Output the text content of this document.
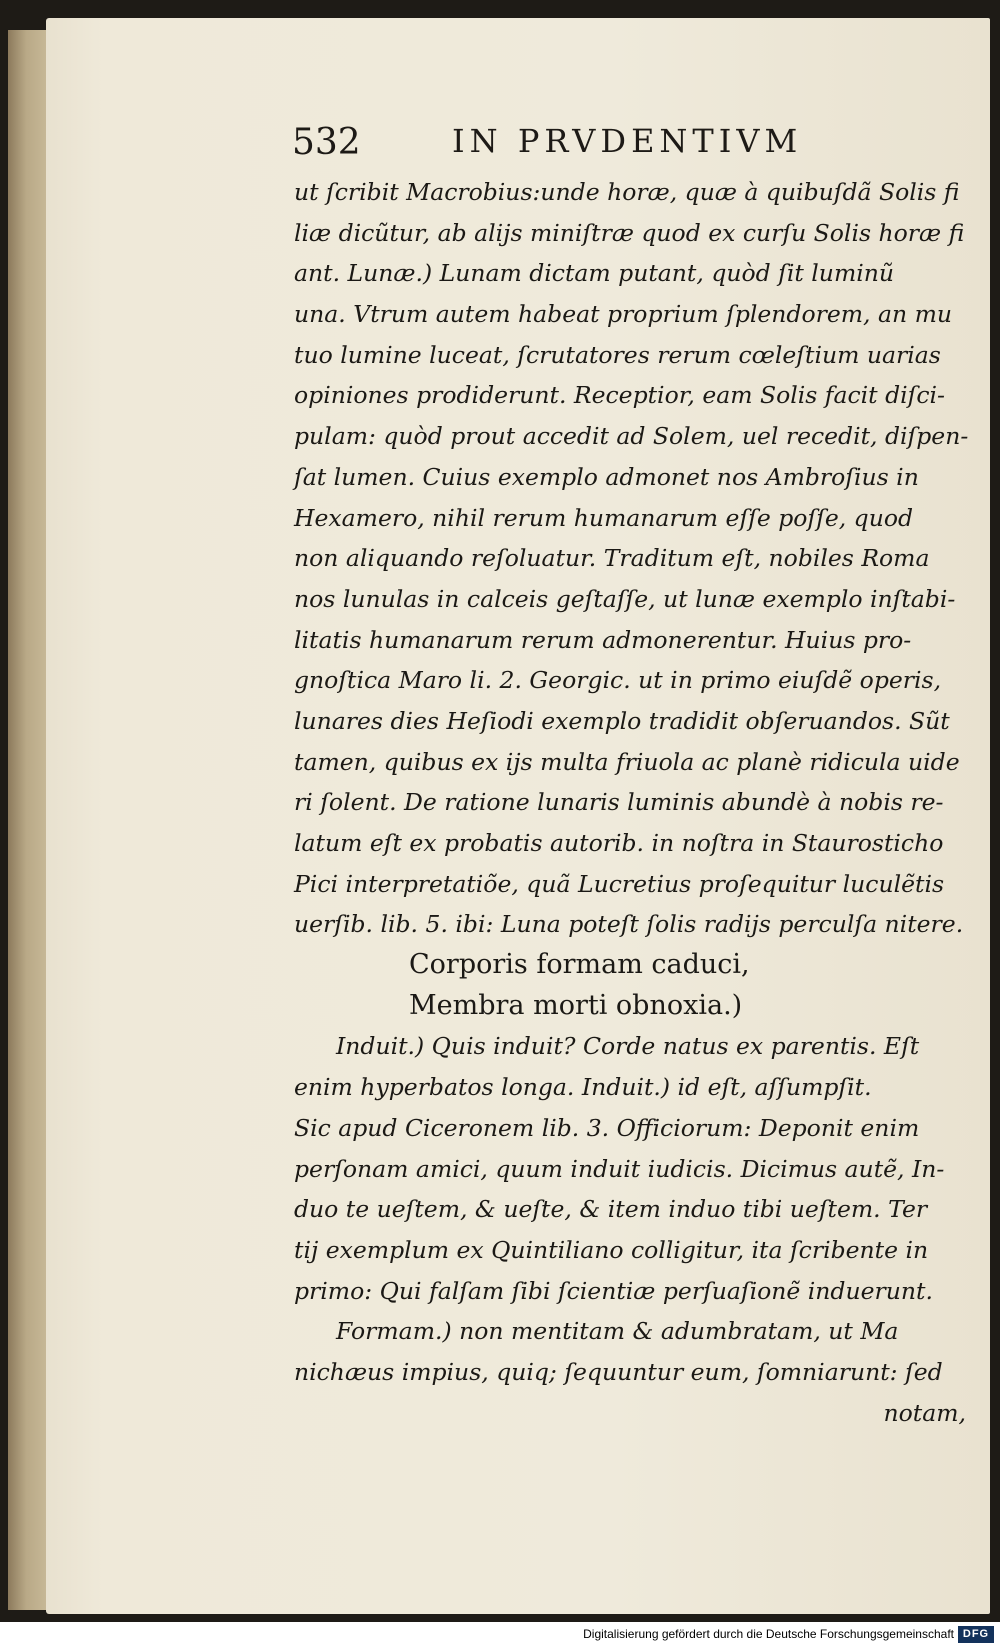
532	IN PRVDENTIVM
ut ſcribit Macrobius:unde horæ, quæ à quibuſdã Solis fi
liæ dicũtur, ab alijs miniſtræ quod ex curſu Solis horæ fi
ant. Lunæ.) Lunam dictam putant, quòd ſit luminũ
una. Vtrum autem habeat proprium ſplendorem, an mu
tuo lumine luceat, ſcrutatores rerum cœleſtium uarias
opiniones prodiderunt. Receptior, eam Solis facit diſci-
pulam: quòd prout accedit ad Solem, uel recedit, diſpen-
ſat lumen. Cuius exemplo admonet nos Ambroſius in
Hexamero, nihil rerum humanarum eſſe poſſe, quod
non aliquando reſoluatur. Traditum eſt, nobiles Roma
nos lunulas in calceis geſtaſſe, ut lunæ exemplo inſtabi-
litatis humanarum rerum admonerentur. Huius pro-
gnoſtica Maro li. 2. Georgic. ut in primo eiuſdẽ operis,
lunares dies Heſiodi exemplo tradidit obſeruandos. Sũt
tamen, quibus ex ijs multa friuola ac planè ridicula uide
ri ſolent. De ratione lunaris luminis abundè à nobis re-
latum eſt ex probatis autorib. in noſtra in Staurosticho
Pici interpretatiõe, quã Lucretius proſequitur luculẽtis
uerſib. lib. 5. ibi: Luna poteſt ſolis radijs perculſa nitere.
Corporis formam caduci,
Membra morti obnoxia.)
Induit.) Quis induit? Corde natus ex parentis. Eſt
enim hyperbatos longa. Induit.) id eſt, aſſumpſit.
Sic apud Ciceronem lib. 3. Officiorum: Deponit enim
perſonam amici, quum induit iudicis. Dicimus autẽ, In-
duo te ueſtem, & ueſte, & item induo tibi ueſtem. Ter
tij exemplum ex Quintiliano colligitur, ita ſcribente in
primo: Qui falſam ſibi ſcientiæ perſuaſionẽ induerunt.
Formam.) non mentitam & adumbratam, ut Ma
nichæus impius, quiq; ſequuntur eum, ſomniarunt: ſed
notam,
Digitalisierung gefördert durch die Deutsche Forschungsgemeinschaft DFG
